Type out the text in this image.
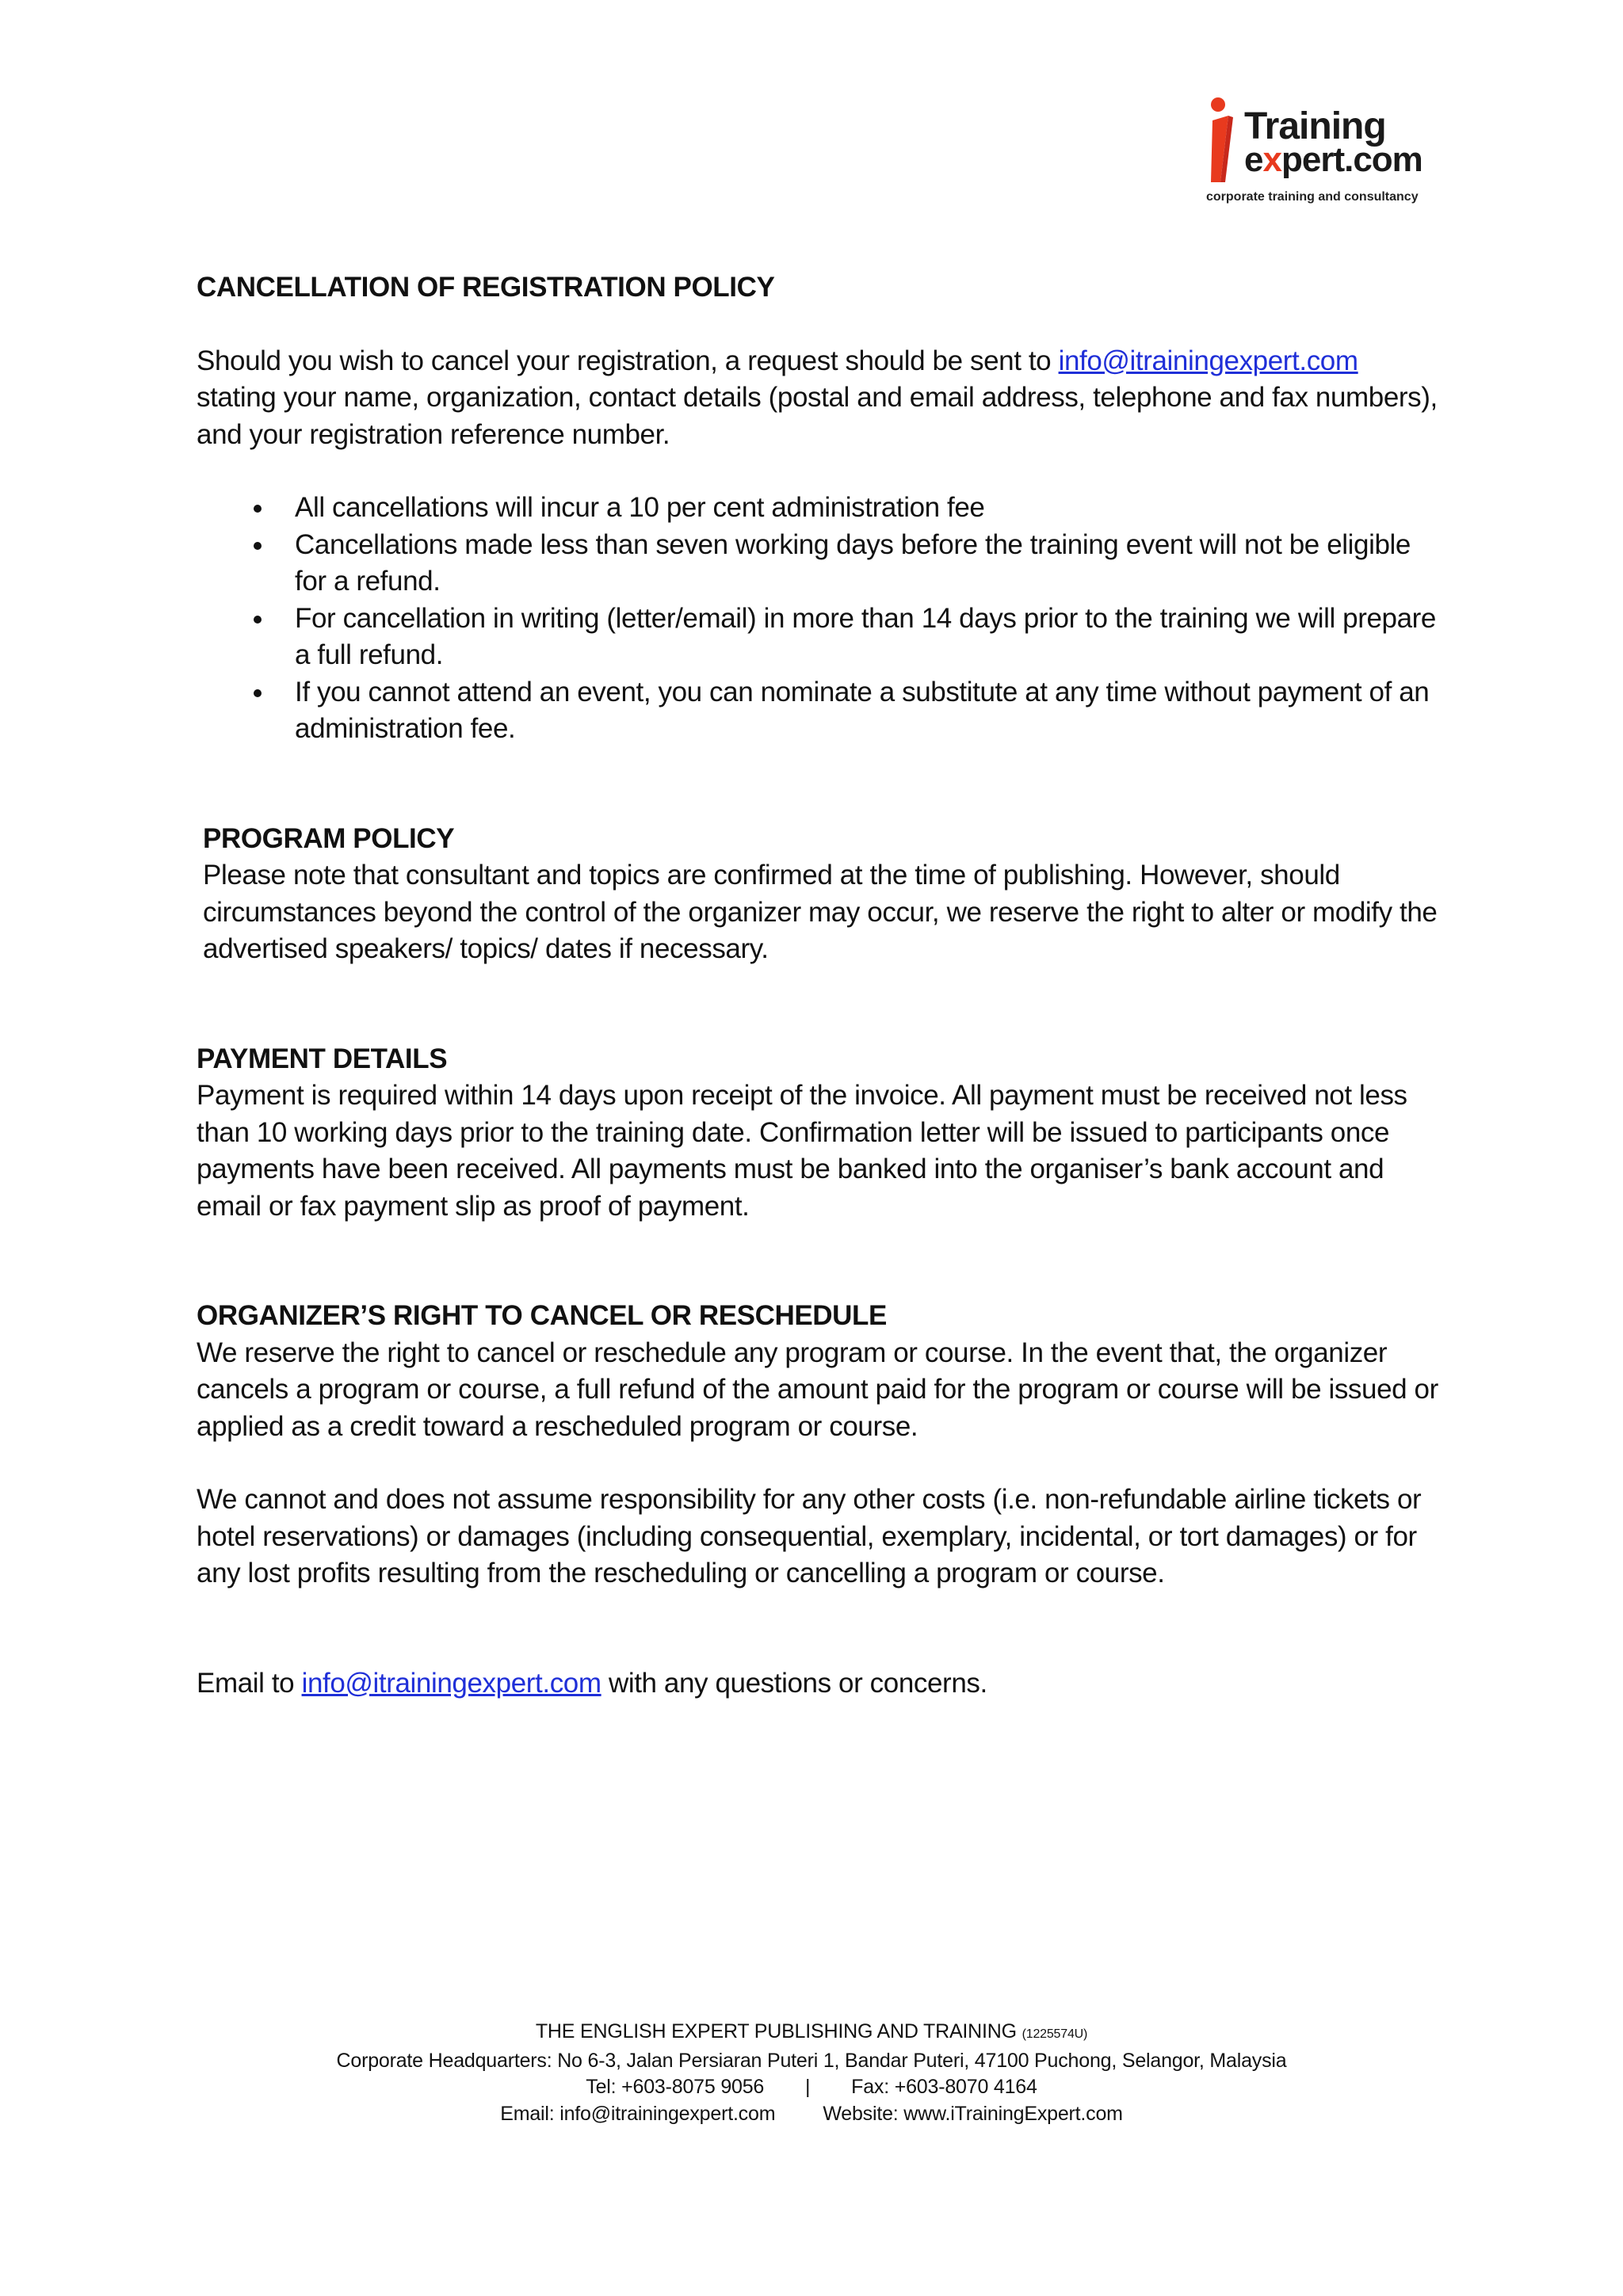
Training
expert.com
corporate training and consultancy
CANCELLATION OF REGISTRATION POLICY

Should you wish to cancel your registration, a request should be sent to info@itrainingexpert.com stating your name, organization, contact details (postal and email address, telephone and fax numbers), and your registration reference number.

All cancellations will incur a 10 per cent administration fee
Cancellations made less than seven working days before the training event will not be eligible for a refund.
For cancellation in writing (letter/email) in more than 14 days prior to the training we will prepare a full refund.
If you cannot attend an event, you can nominate a substitute at any time without payment of an administration fee.
PROGRAM POLICY

Please note that consultant and topics are confirmed at the time of publishing. However, should circumstances beyond the control of the organizer may occur, we reserve the right to alter or modify the advertised speakers/ topics/ dates if necessary.

PAYMENT DETAILS

Payment is required within 14 days upon receipt of the invoice. All payment must be received not less than 10 working days prior to the training date. Confirmation letter will be issued to participants once payments have been received. All payments must be banked into the organiser’s bank account and email or fax payment slip as proof of payment.

ORGANIZER’S RIGHT TO CANCEL OR RESCHEDULE

We reserve the right to cancel or reschedule any program or course. In the event that, the organizer cancels a program or course, a full refund of the amount paid for the program or course will be issued or applied as a credit toward a rescheduled program or course.

We cannot and does not assume responsibility for any other costs (i.e. non-refundable airline tickets or hotel reservations) or damages (including consequential, exemplary, incidental, or tort damages) or for any lost profits resulting from the rescheduling or cancelling a program or course.

Email to info@itrainingexpert.com with any questions or concerns.

THE ENGLISH EXPERT PUBLISHING AND TRAINING (1225574U)
Corporate Headquarters: No 6-3, Jalan Persiaran Puteri 1, Bandar Puteri, 47100 Puchong, Selangor, Malaysia
Tel: +603-8075 9056 | Fax: +603-8070 4164
Email: info@itrainingexpert.com Website: www.iTrainingExpert.com
